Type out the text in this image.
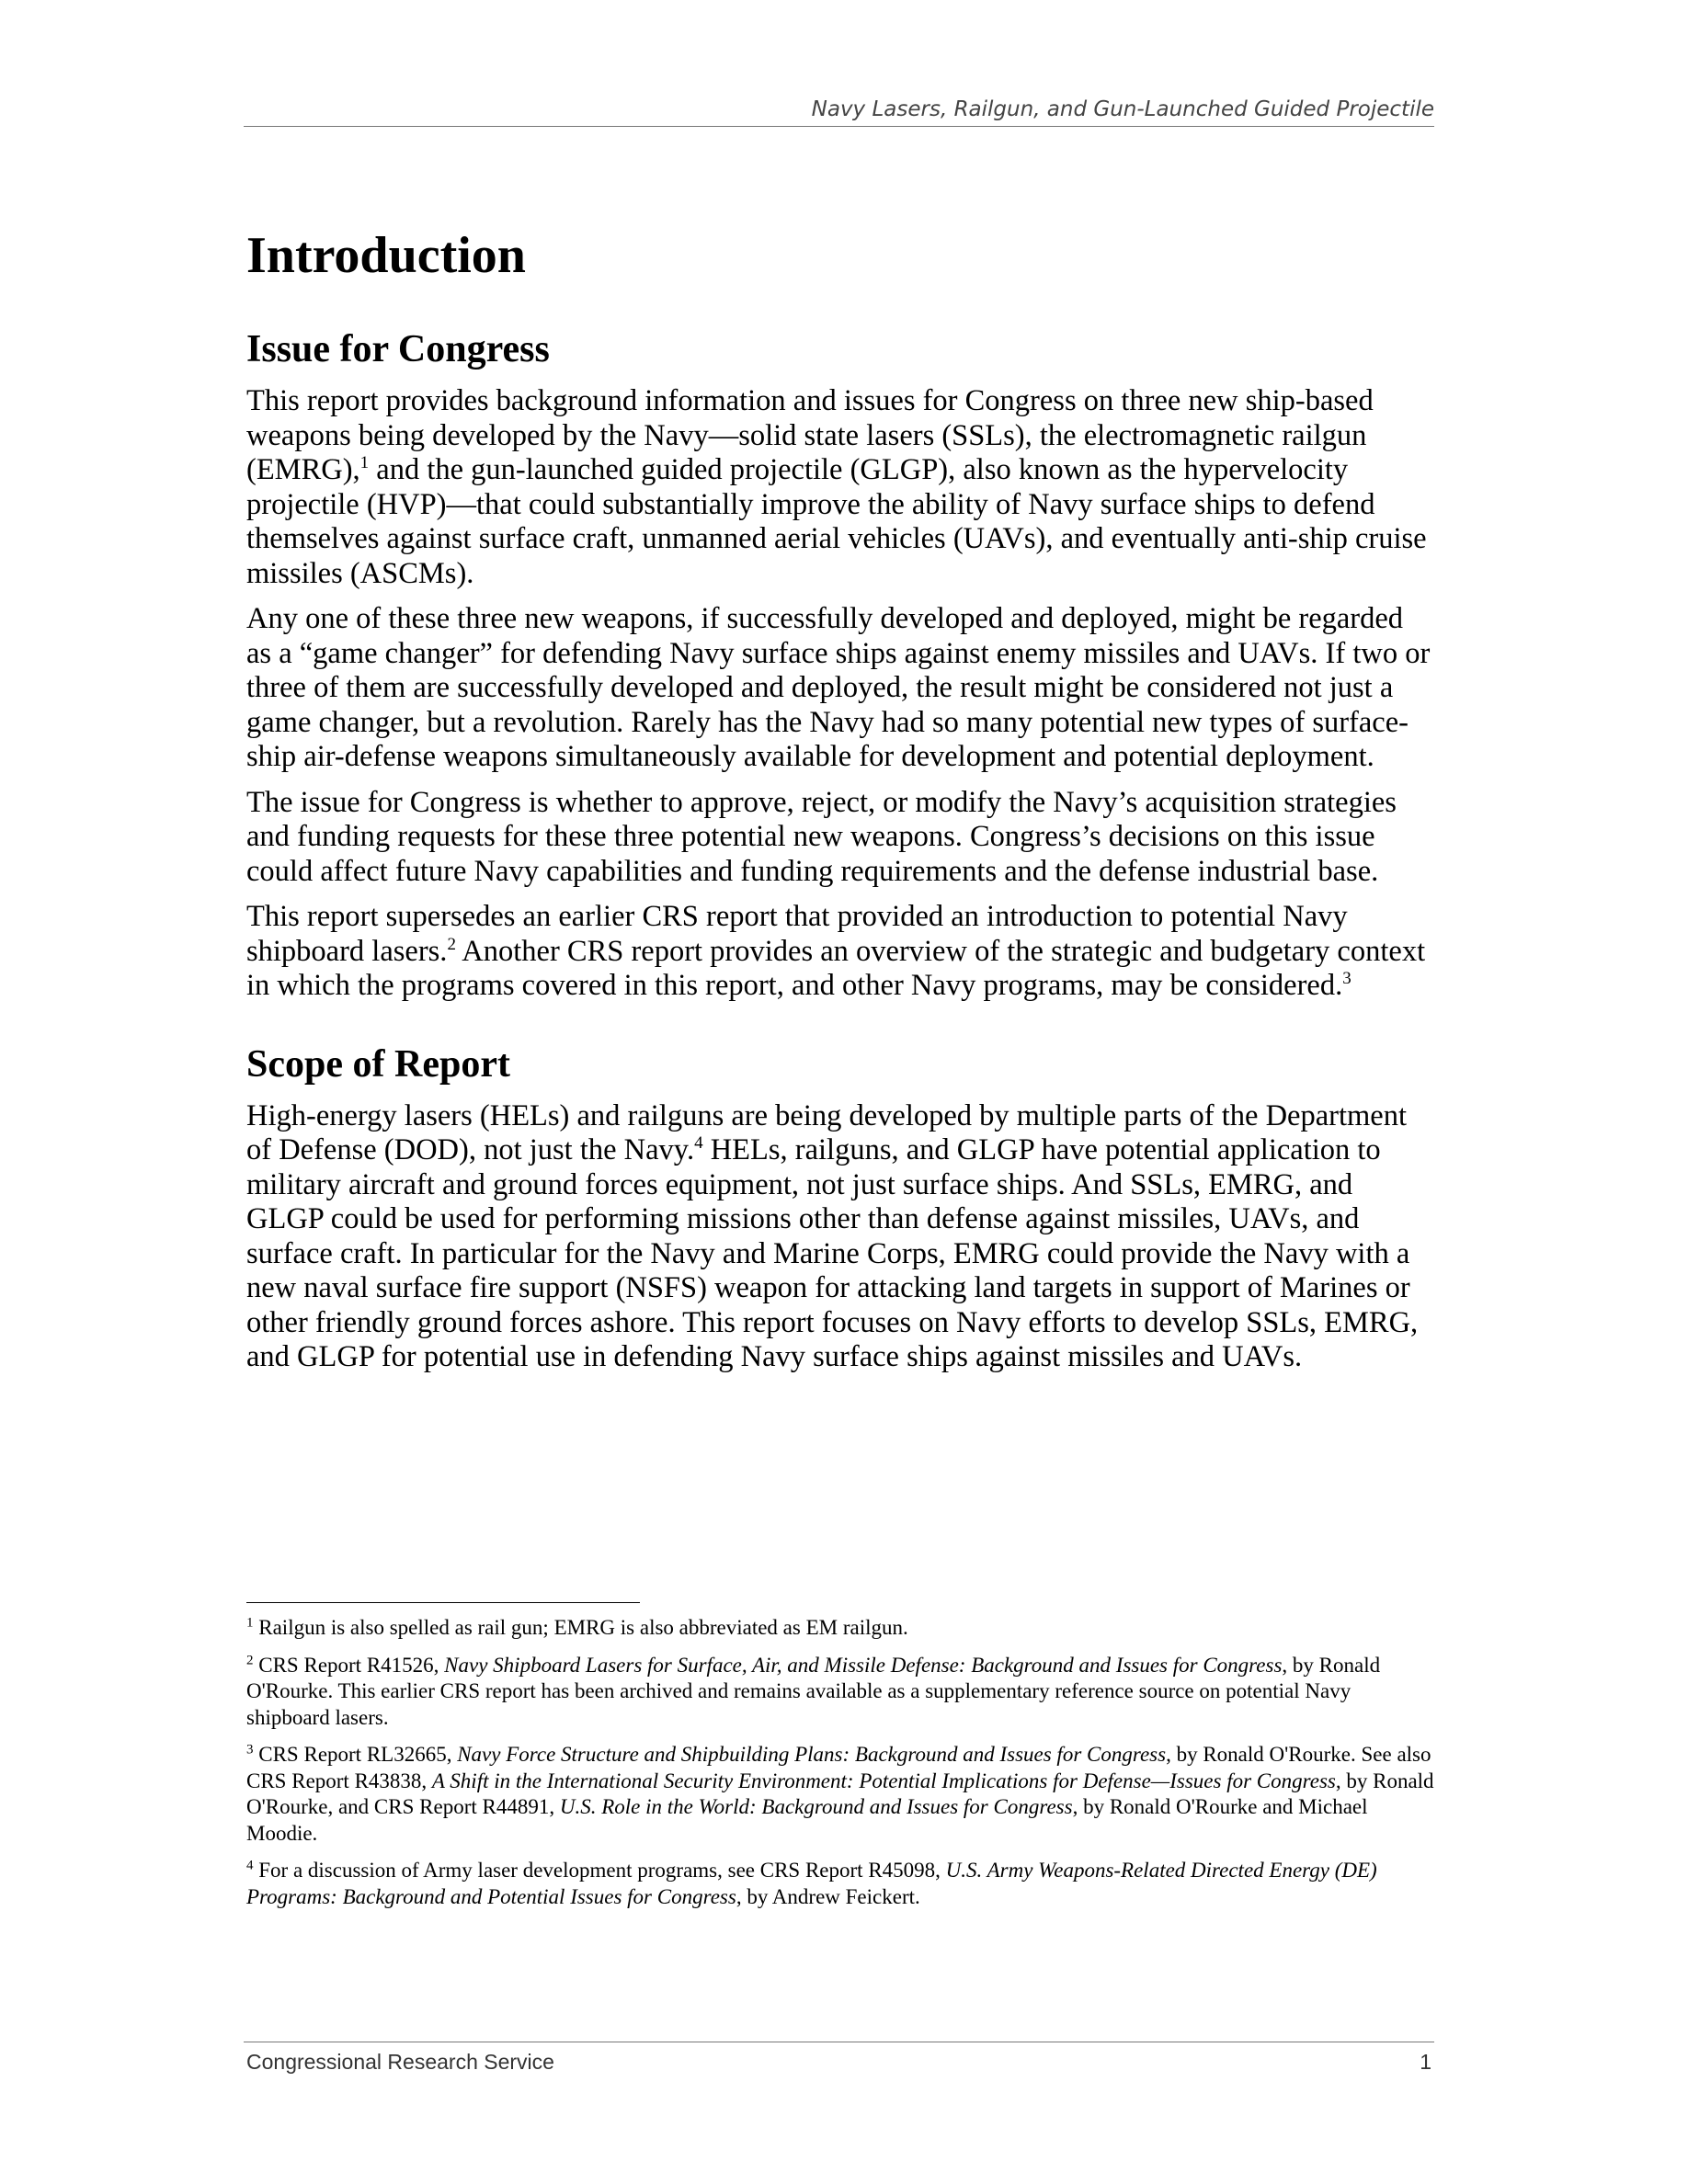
Navy Lasers, Railgun, and Gun-Launched Guided Projectile
Introduction
Issue for Congress

This report provides background information and issues for Congress on three new ship-based weapons being developed by the Navy—solid state lasers (SSLs), the electromagnetic railgun (EMRG),$^1$ and the gun-launched guided projectile (GLGP), also known as the hypervelocity projectile (HVP)—that could substantially improve the ability of Navy surface ships to defend themselves against surface craft, unmanned aerial vehicles (UAVs), and eventually anti-ship cruise missiles (ASCMs).

Any one of these three new weapons, if successfully developed and deployed, might be regarded as a “game changer” for defending Navy surface ships against enemy missiles and UAVs. If two or three of them are successfully developed and deployed, the result might be considered not just a game changer, but a revolution. Rarely has the Navy had so many potential new types of surface-ship air-defense weapons simultaneously available for development and potential deployment.

The issue for Congress is whether to approve, reject, or modify the Navy’s acquisition strategies and funding requests for these three potential new weapons. Congress’s decisions on this issue could affect future Navy capabilities and funding requirements and the defense industrial base.

This report supersedes an earlier CRS report that provided an introduction to potential Navy shipboard lasers.$^2$ Another CRS report provides an overview of the strategic and budgetary context in which the programs covered in this report, and other Navy programs, may be considered.$^3$

Scope of Report

High-energy lasers (HELs) and railguns are being developed by multiple parts of the Department of Defense (DOD), not just the Navy.$^4$ HELs, railguns, and GLGP have potential application to military aircraft and ground forces equipment, not just surface ships. And SSLs, EMRG, and GLGP could be used for performing missions other than defense against missiles, UAVs, and surface craft. In particular for the Navy and Marine Corps, EMRG could provide the Navy with a new naval surface fire support (NSFS) weapon for attacking land targets in support of Marines or other friendly ground forces ashore. This report focuses on Navy efforts to develop SSLs, EMRG, and GLGP for potential use in defending Navy surface ships against missiles and UAVs.

$^1$ Railgun is also spelled as rail gun; EMRG is also abbreviated as EM railgun.

$^2$ CRS Report R41526, Navy Shipboard Lasers for Surface, Air, and Missile Defense: Background and Issues for Congress, by Ronald O'Rourke. This earlier CRS report has been archived and remains available as a supplementary reference source on potential Navy shipboard lasers.

$^3$ CRS Report RL32665, Navy Force Structure and Shipbuilding Plans: Background and Issues for Congress, by Ronald O'Rourke. See also CRS Report R43838, A Shift in the International Security Environment: Potential Implications for Defense—Issues for Congress, by Ronald O'Rourke, and CRS Report R44891, U.S. Role in the World: Background and Issues for Congress, by Ronald O'Rourke and Michael Moodie.

$^4$ For a discussion of Army laser development programs, see CRS Report R45098, U.S. Army Weapons-Related Directed Energy (DE) Programs: Background and Potential Issues for Congress, by Andrew Feickert.

Congressional Research Service	1
